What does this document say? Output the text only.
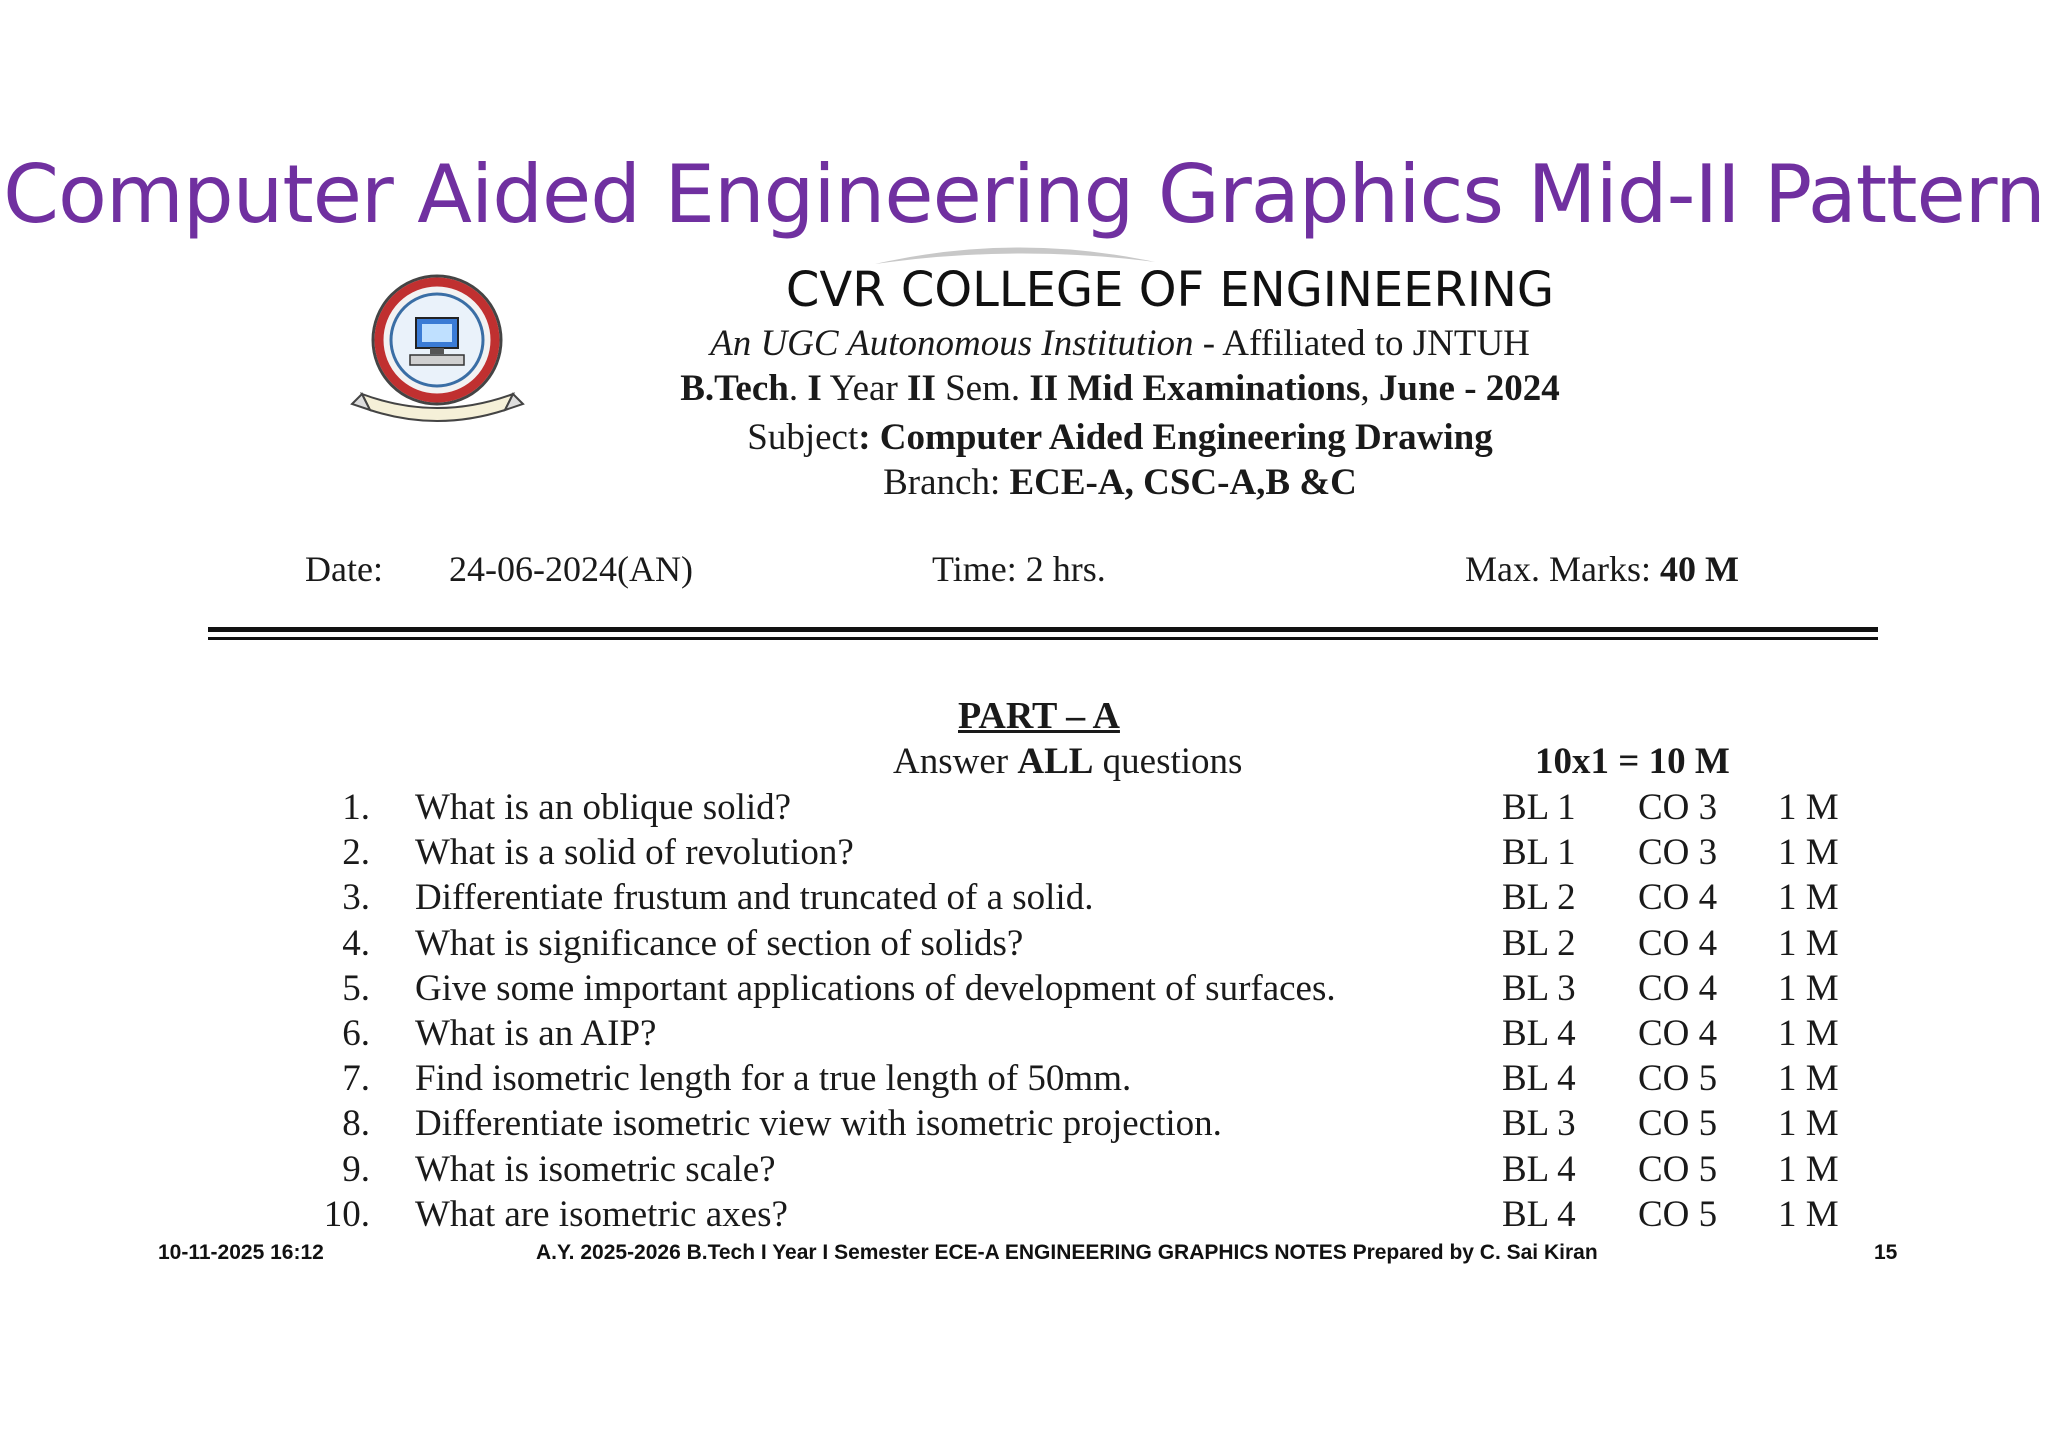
Computer Aided Engineering Graphics Mid-II Pattern
CVR COLLEGE OF ENGINEERING
An UGC Autonomous Institution - Affiliated to JNTUH
B.Tech. I Year II Sem. II Mid Examinations, June - 2024
Subject: Computer Aided Engineering Drawing
Branch: ECE-A, CSC-A,B &C
Date: 24-06-2024(AN)	Time: 2 hrs.	Max. Marks: 40 M
PART – A
Answer ALL questions	10x1 = 10 M
1. What is an oblique solid?	BL 1 CO 3 1 M
2. What is a solid of revolution?	BL 1 CO 3 1 M
3. Differentiate frustum and truncated of a solid.	BL 2 CO 4 1 M
4. What is significance of section of solids?	BL 2 CO 4 1 M
5. Give some important applications of development of surfaces.	BL 3 CO 4 1 M
6. What is an AIP?	BL 4 CO 4 1 M
7. Find isometric length for a true length of 50mm.	BL 4 CO 5 1 M
8. Differentiate isometric view with isometric projection.	BL 3 CO 5 1 M
9. What is isometric scale?	BL 4 CO 5 1 M
10. What are isometric axes?	BL 4 CO 5 1 M
10-11-2025 16:12	A.Y. 2025-2026 B.Tech I Year I Semester ECE-A ENGINEERING GRAPHICS NOTES Prepared by C. Sai Kiran	15
